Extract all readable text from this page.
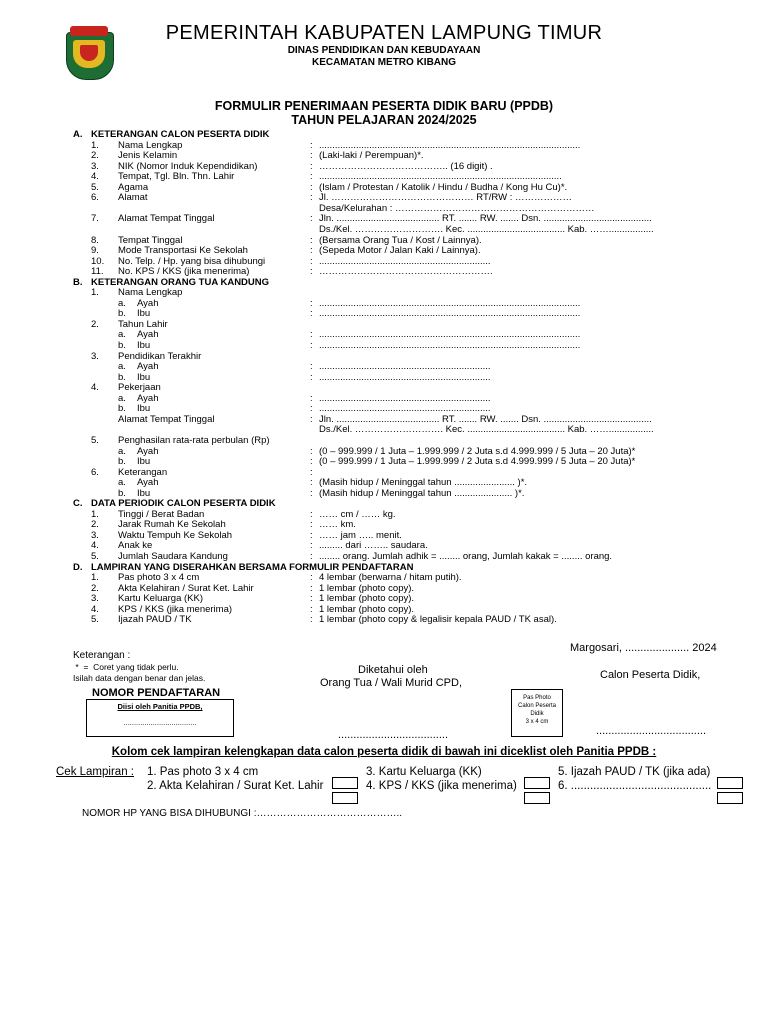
PEMERINTAH KABUPATEN LAMPUNG TIMUR
DINAS PENDIDIKAN DAN KEBUDAYAAN
KECAMATAN METRO KIBANG
FORMULIR PENERIMAAN PESERTA DIDIK BARU (PPDB)
TAHUN PELAJARAN 2024/2025
A. KETERANGAN CALON PESERTA DIDIK
1. Nama Lengkap	: ...................................................................................................
2. Jenis Kelamin	: (Laki-laki / Perempuan)*.
3. NIK (Nomor Induk Kependidikan)	: ………………………………….. (16 digit) .
4. Tempat, Tgl. Bln. Thn. Lahir	: ............................................................................................
5. Agama	: (Islam / Protestan / Katolik / Hindu / Budha / Kong Hu Cu)*.
6. Alamat	: Jl. ……………………………………… RT/RW : ………………
Desa/Kelurahan : ………………………………………………………
7. Alamat Tempat Tinggal	: Jln. ....................................... RT. ....... RW. ....... Dsn. .........................................
Ds./Kel. ………………………. Kec. ..................................... Kab. …….................
8. Tempat Tinggal	: (Bersama Orang Tua / Kost / Lainnya).
9. Mode Transportasi Ke Sekolah	: (Sepeda Motor / Jalan Kaki / Lainnya).
10. No. Telp. / Hp. yang bisa dihubungi	: .................................................................
11. No. KPS / KKS (jika menerima)	: ……………………………………………….
B. KETERANGAN ORANG TUA KANDUNG
1. Nama Lengkap
a. Ayah	: ...................................................................................................
b. Ibu	: ...................................................................................................
2. Tahun Lahir
a. Ayah	: ...................................................................................................
b. Ibu	: ...................................................................................................
3. Pendidikan Terakhir
a. Ayah	: .................................................................
b. Ibu	: .................................................................
4. Pekerjaan
a. Ayah	: .................................................................
b. Ibu	: .................................................................
Alamat Tempat Tinggal	: Jln. ....................................... RT. ....... RW. ....... Dsn. .........................................
Ds./Kel. ………………………. Kec. ..................................... Kab. …….................
5. Penghasilan rata-rata perbulan (Rp)
a. Ayah	: (0 – 999.999 / 1 Juta – 1.999.999 / 2 Juta s.d 4.999.999 / 5 Juta – 20 Juta)*
b. Ibu	: (0 – 999.999 / 1 Juta – 1.999.999 / 2 Juta s.d 4.999.999 / 5 Juta – 20 Juta)*
6. Keterangan	:
a. Ayah	: (Masih hidup / Meninggal tahun ....................... )*.
b. Ibu	: (Masih hidup / Meninggal tahun ...................... )*.
C. DATA PERIODIK CALON PESERTA DIDIK
1. Tinggi / Berat Badan	: …… cm / …… kg.
2. Jarak Rumah Ke Sekolah	: …… km.
3. Waktu Tempuh Ke Sekolah	: …… jam ….. menit.
4. Anak ke	: ......... dari …….. saudara.
5. Jumlah Saudara Kandung	: ........ orang. Jumlah adhik = ........ orang, Jumlah kakak = ........ orang.
D. LAMPIRAN YANG DISERAHKAN BERSAMA FORMULIR PENDAFTARAN
1. Pas photo 3 x 4 cm	: 4 lembar (berwarna / hitam putih).
2. Akta Kelahiran / Surat Ket. Lahir	: 1 lembar (photo copy).
3. Kartu Keluarga (KK)	: 1 lembar (photo copy).
4. KPS / KKS (jika menerima)	: 1 lembar (photo copy).
5. Ijazah PAUD / TK	: 1 lembar (photo copy & legalisir kepala PAUD / TK asal).
Margosari, ..................... 2024
Keterangan :
*  =  Coret yang tidak perlu.
Isilah data dengan benar dan jelas.
Diketahui oleh
Orang Tua / Wali Murid CPD,
Calon Peserta Didik,
NOMOR PENDAFTARAN
Diisi oleh Panitia PPDB,
...................................
Pas Photo
Calon Peserta
Didik
3 x 4 cm
....................................	....................................
Kolom cek lampiran kelengkapan data calon peserta didik di bawah ini diceklist oleh Panitia PPDB :
Cek Lampiran : 1. Pas photo 3 x 4 cm
2. Akta Kelahiran / Surat Ket. Lahir
3. Kartu Keluarga (KK)
4. KPS / KKS (jika menerima)
5. Ijazah PAUD / TK (jika ada)
6. ............................................
NOMOR HP YANG BISA DIHUBUNGI :……………………………………..
